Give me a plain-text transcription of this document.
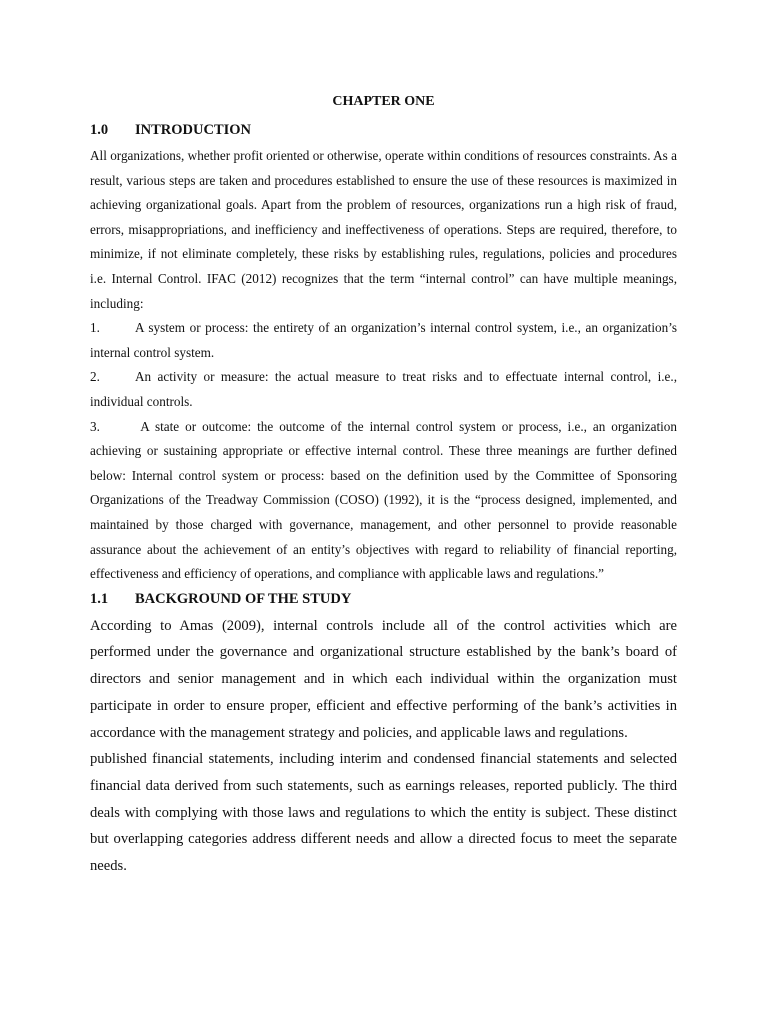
CHAPTER ONE
1.0	INTRODUCTION

All organizations, whether profit oriented or otherwise, operate within conditions of resources constraints. As a result, various steps are taken and procedures established to ensure the use of these resources is maximized in achieving organizational goals. Apart from the problem of resources, organizations run a high risk of fraud, errors, misappropriations, and inefficiency and ineffectiveness of operations. Steps are required, therefore, to minimize, if not eliminate completely, these risks by establishing rules, regulations, policies and procedures i.e. Internal Control. IFAC (2012) recognizes that the term “internal control” can have multiple meanings, including:

1.	A system or process: the entirety of an organization’s internal control system, i.e., an organization’s internal control system.

2.	An activity or measure: the actual measure to treat risks and to effectuate internal control, i.e., individual controls.

3.	A state or outcome: the outcome of the internal control system or process, i.e., an organization achieving or sustaining appropriate or effective internal control. These three meanings are further defined below: Internal control system or process: based on the definition used by the Committee of Sponsoring Organizations of the Treadway Commission (COSO) (1992), it is the “process designed, implemented, and maintained by those charged with governance, management, and other personnel to provide reasonable assurance about the achievement of an entity’s objectives with regard to reliability of financial reporting, effectiveness and efficiency of operations, and compliance with applicable laws and regulations.”

1.1	BACKGROUND OF THE STUDY

According to Amas (2009), internal controls include all of the control activities which are performed under the governance and organizational structure established by the bank’s board of directors and senior management and in which each individual within the organization must participate in order to ensure proper, efficient and effective performing of the bank’s activities in accordance with the management strategy and policies, and applicable laws and regulations.

published financial statements, including interim and condensed financial statements and selected financial data derived from such statements, such as earnings releases, reported publicly. The third deals with complying with those laws and regulations to which the entity is subject. These distinct but overlapping categories address different needs and allow a directed focus to meet the separate needs.
